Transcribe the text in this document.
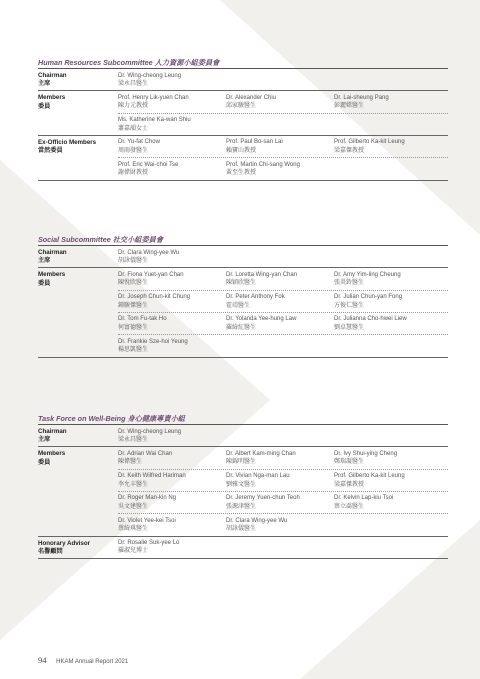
Human Resources Subcommittee 人力資源小組委員會
Chairman
主席
Dr. Wing-cheong Leung
梁永昌醫生
Members
委員
Prof. Henry Lik-yuen Chan
陳力元教授
Dr. Alexander Chiu
邱家駿醫生
Dr. Lai-sheung Pang
彭麗嫦醫生
Ms. Katherine Ka-wan Shiu
蕭嘉韻女士
Ex-Officio Members
當然委員
Dr. Yu-fat Chow
周雨發醫生
Prof. Paul Bo-san Lai
賴寶山教授
Prof. Gilberto Ka-kit Leung
梁嘉傑教授
Prof. Eric Wai-choi Tse
謝偉財教授
Prof. Martin Chi-sang Wong
黃至生教授
Social Subcommittee 社交小組委員會
Chairman
主席
Dr. Clara Wing-yee Wu
胡詠儀醫生
Members
委員
Dr. Fiona Yuet-yan Chan
陳悅欣醫生
Dr. Loretta Wing-yan Chan
陳穎欣醫生
Dr. Amy Yim-ling Cheung
張炎鈴醫生
Dr. Joseph Chun-kit Chung
鍾駿傑醫生
Dr. Peter Anthony Fok
霍靖醫生
Dr. Julian Chun-yan Fong
方俊仁醫生
Dr. Tom Fu-tak Ho
何富德醫生
Dr. Yolanda Yee-hung Law
羅綺紅醫生
Dr. Julianna Cho-hwei Liew
劉卓慧醫生
Dr. Frankie Sze-hoi Yeung
楊思凱醫生
Task Force on Well-Being 身心健康專責小組
Chairman
主席
Dr. Wing-cheong Leung
梁永昌醫生
Members
委員
Dr. Adrian Wai Chan
陳偉醫生
Dr. Albert Kam-ming Chan
陳錦明醫生
Dr. Ivy Shui-ying Cheng
鄭瑞凝醫生
Dr. Keith Wilfred Hariman
李允丰醫生
Dr. Vivian Nga-man Lau
劉雅文醫生
Prof. Gilberto Ka-kit Leung
梁嘉傑教授
Dr. Roger Man-kin Ng
吳文建醫生
Dr. Jeremy Yuen-chun Teoh
張源津醫生
Dr. Kelvin Lap-kiu Tsoi
蔡立喬醫生
Dr. Violet Yee-kei Tsoi
蔡綺琪醫生
Dr. Clara Wing-yee Wu
胡詠儀醫生
Honorary Advisor
名譽顧問
Dr. Rosalie Suk-yee Lo
羅淑兒博士
94 HKAM Annual Report 2021
